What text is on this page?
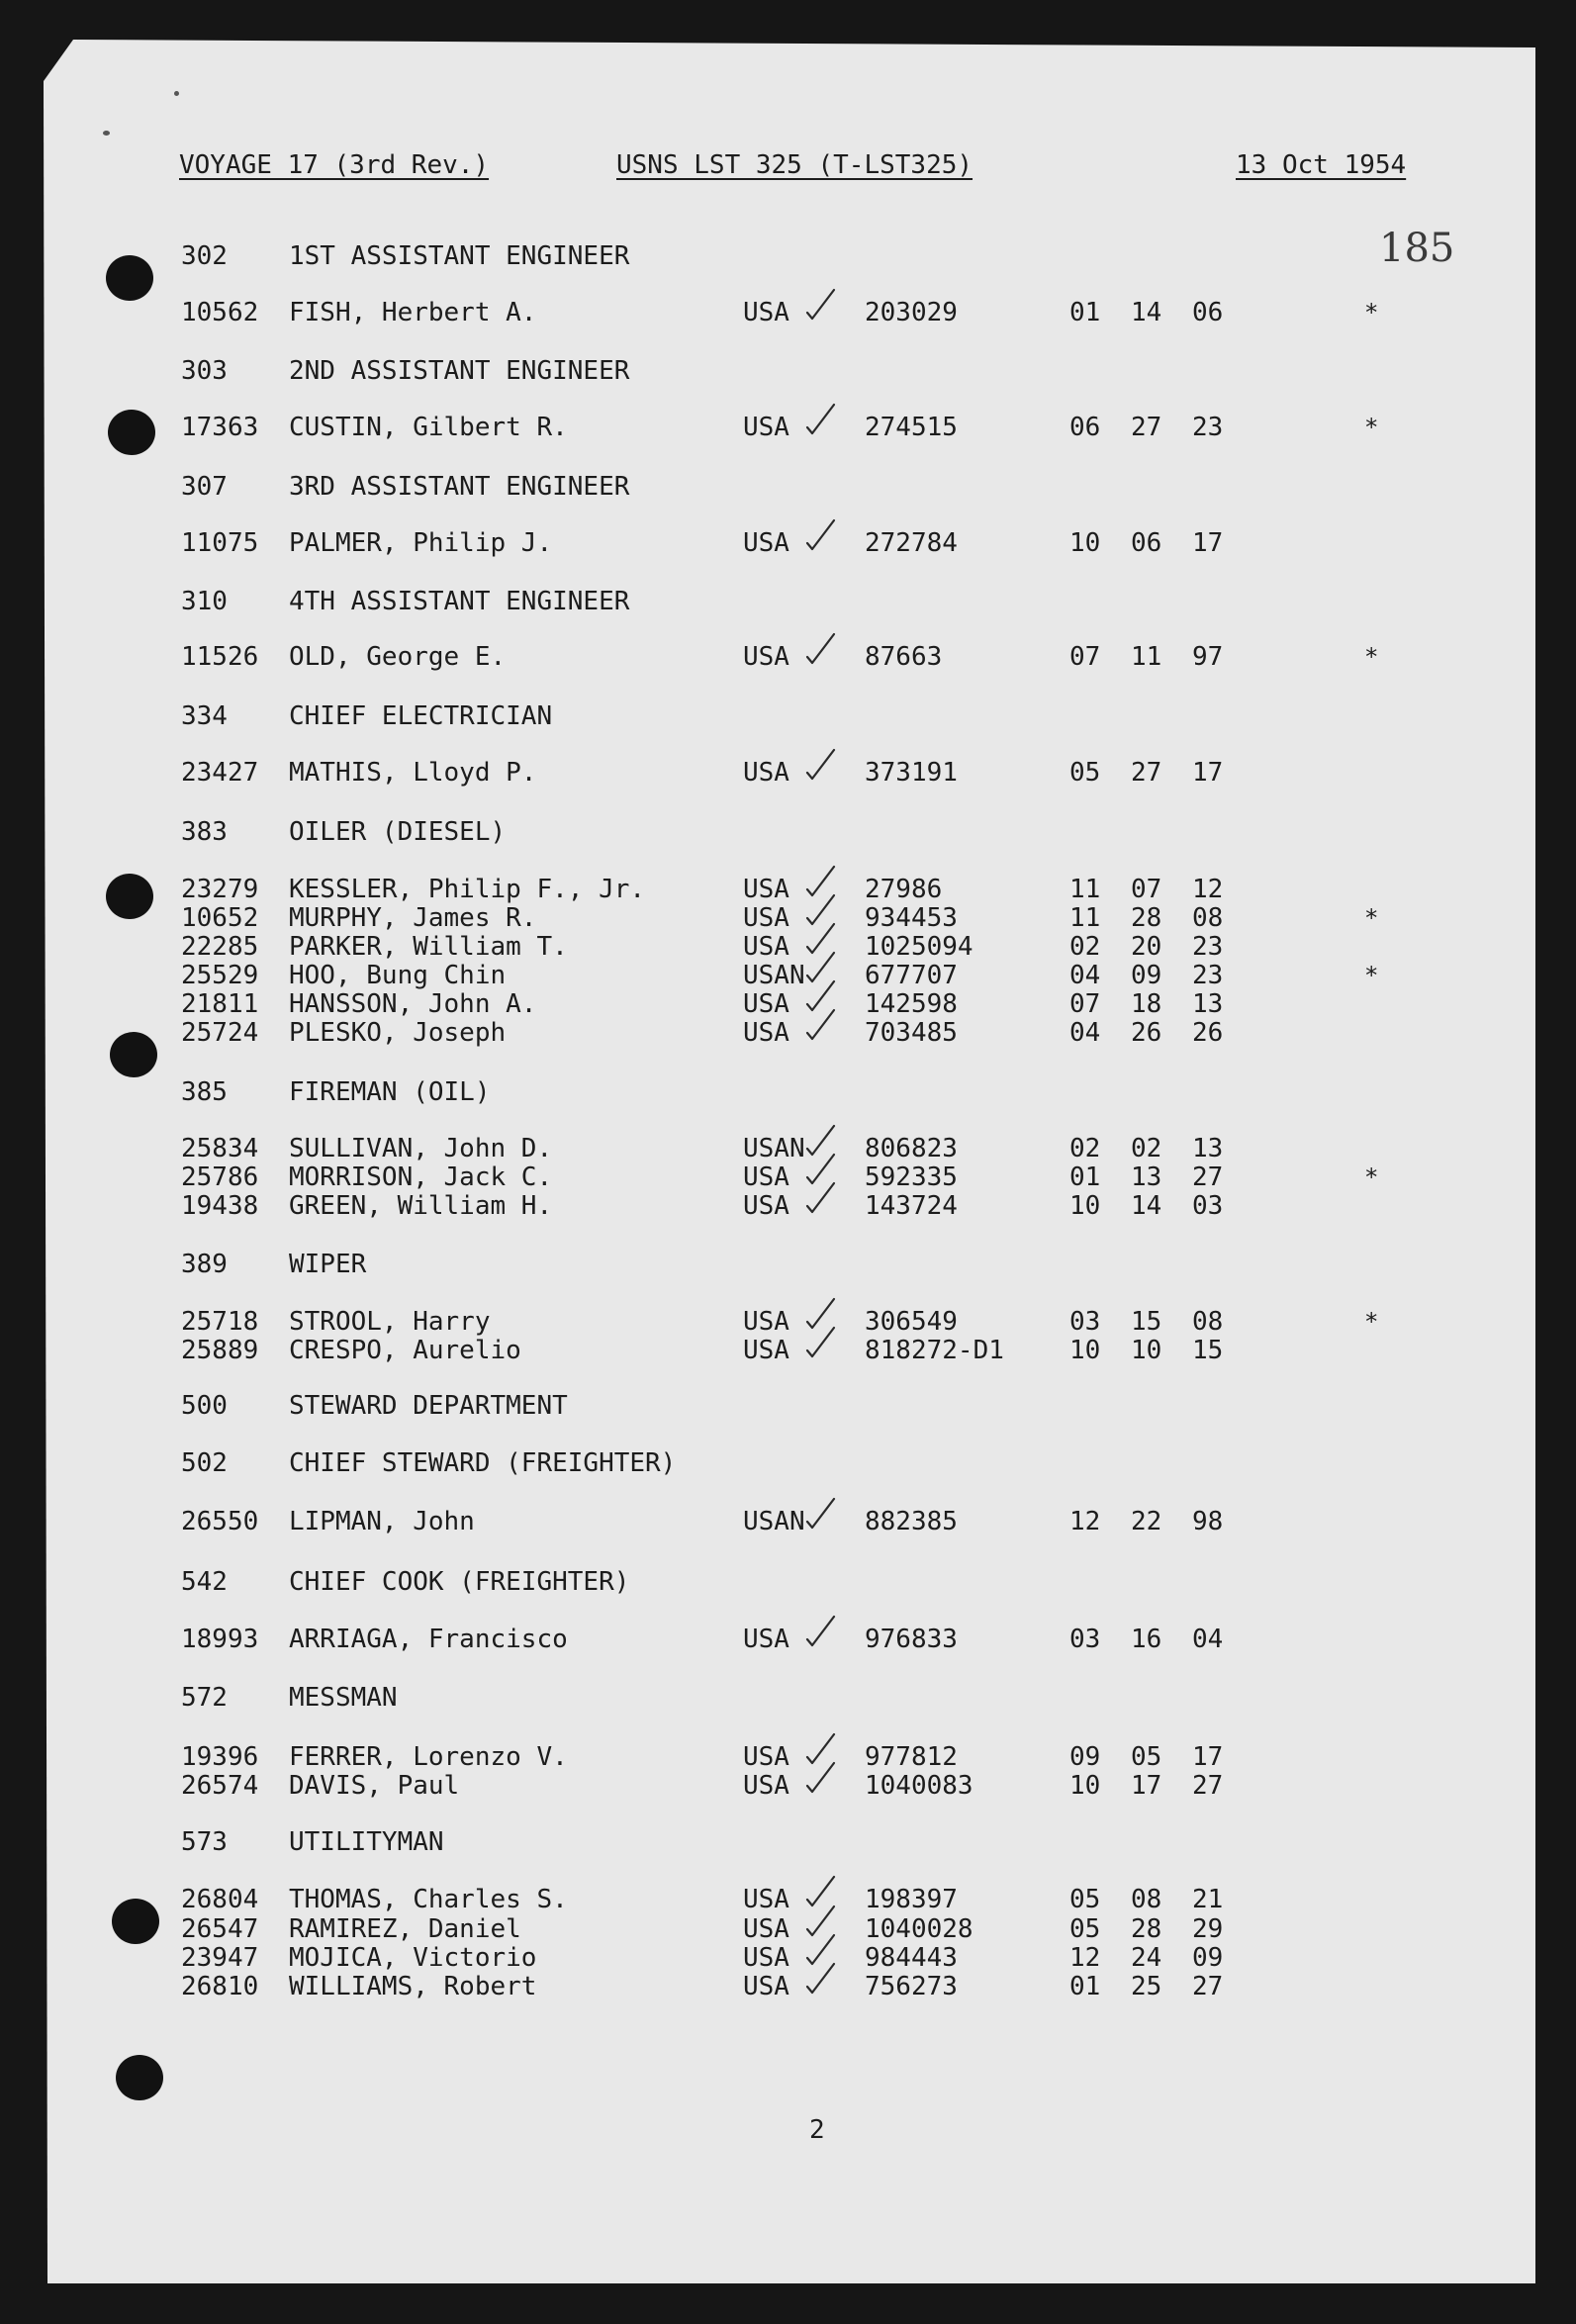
VOYAGE 17 (3rd Rev.)	USNS LST 325 (T-LST325)	13 Oct 1954
185
302 1ST ASSISTANT ENGINEER
10562 FISH, Herbert A.	USA	203029	01 14 06	*
303 2ND ASSISTANT ENGINEER
17363 CUSTIN, Gilbert R.	USA	274515	06 27 23	*
307 3RD ASSISTANT ENGINEER
11075 PALMER, Philip J.	USA	272784	10 06 17
310 4TH ASSISTANT ENGINEER
11526 OLD, George E.	USA	87663	07 11 97	*
334 CHIEF ELECTRICIAN
23427 MATHIS, Lloyd P.	USA	373191	05 27 17
383 OILER (DIESEL)
23279 KESSLER, Philip F., Jr.	USA	27986	11 07 12
10652 MURPHY, James R.	USA	934453	11 28 08	*
22285 PARKER, William T.	USA	1025094	02 20 23
25529 HOO, Bung Chin	USAN 677707	04 09 23	*
21811 HANSSON, John A.	USA	142598	07 18 13
25724 PLESKO, Joseph	USA	703485	04 26 26
385 FIREMAN (OIL)
25834 SULLIVAN, John D.	USAN 806823	02 02 13
25786 MORRISON, Jack C.	USA	592335	01 13 27	*
19438 GREEN, William H.	USA	143724	10 14 03
389 WIPER
25718 STROOL, Harry	USA	306549	03 15 08	*
25889 CRESPO, Aurelio	USA	818272-D1	10 10 15
500 STEWARD DEPARTMENT
502 CHIEF STEWARD (FREIGHTER)
26550 LIPMAN, John	USAN 882385	12 22 98
542 CHIEF COOK (FREIGHTER)
18993 ARRIAGA, Francisco	USA	976833	03 16 04
572 MESSMAN
19396 FERRER, Lorenzo V.	USA	977812	09 05 17
26574 DAVIS, Paul	USA	1040083	10 17 27
573 UTILITYMAN
26804 THOMAS, Charles S.	USA	198397	05 08 21
26547 RAMIREZ, Daniel	USA	1040028	05 28 29
23947 MOJICA, Victorio	USA	984443	12 24 09
26810 WILLIAMS, Robert	USA	756273	01 25 27
2
